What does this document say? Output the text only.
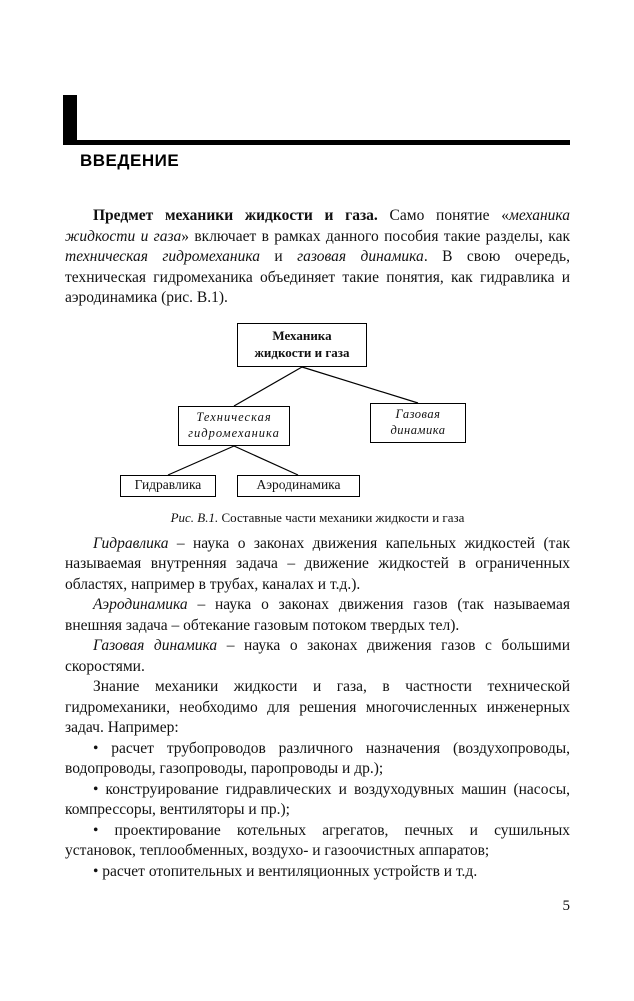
ВВЕДЕНИЕ

Предмет механики жидкости и газа. Само понятие «механика жидкости и газа» включает в рамках данного пособия такие разделы, как техническая гидромеханика и газовая динамика. В свою очередь, техническая гидромеханика объединяет такие понятия, как гидравлика и аэродинамика (рис. В.1).

Механика жидкости и газа
Техническая гидромеханика
Газовая динамика
Гидравлика	Аэродинамика
Рис. В.1. Составные части механики жидкости и газа

Гидравлика – наука о законах движения капельных жидкостей (так называемая внутренняя задача – движение жидкостей в ограниченных областях, например в трубах, каналах и т.д.).

Аэродинамика – наука о законах движения газов (так называемая внешняя задача – обтекание газовым потоком твердых тел).

Газовая динамика – наука о законах движения газов с большими скоростями.

Знание механики жидкости и газа, в частности технической гидромеханики, необходимо для решения многочисленных инженерных задач. Например:

• расчет трубопроводов различного назначения (воздухопроводы, водопроводы, газопроводы, паропроводы и др.);

• конструирование гидравлических и воздуходувных машин (насосы, компрессоры, вентиляторы и пр.);

• проектирование котельных агрегатов, печных и сушильных установок, теплообменных, воздухо- и газоочистных аппаратов;

• расчет отопительных и вентиляционных устройств и т.д.

5
